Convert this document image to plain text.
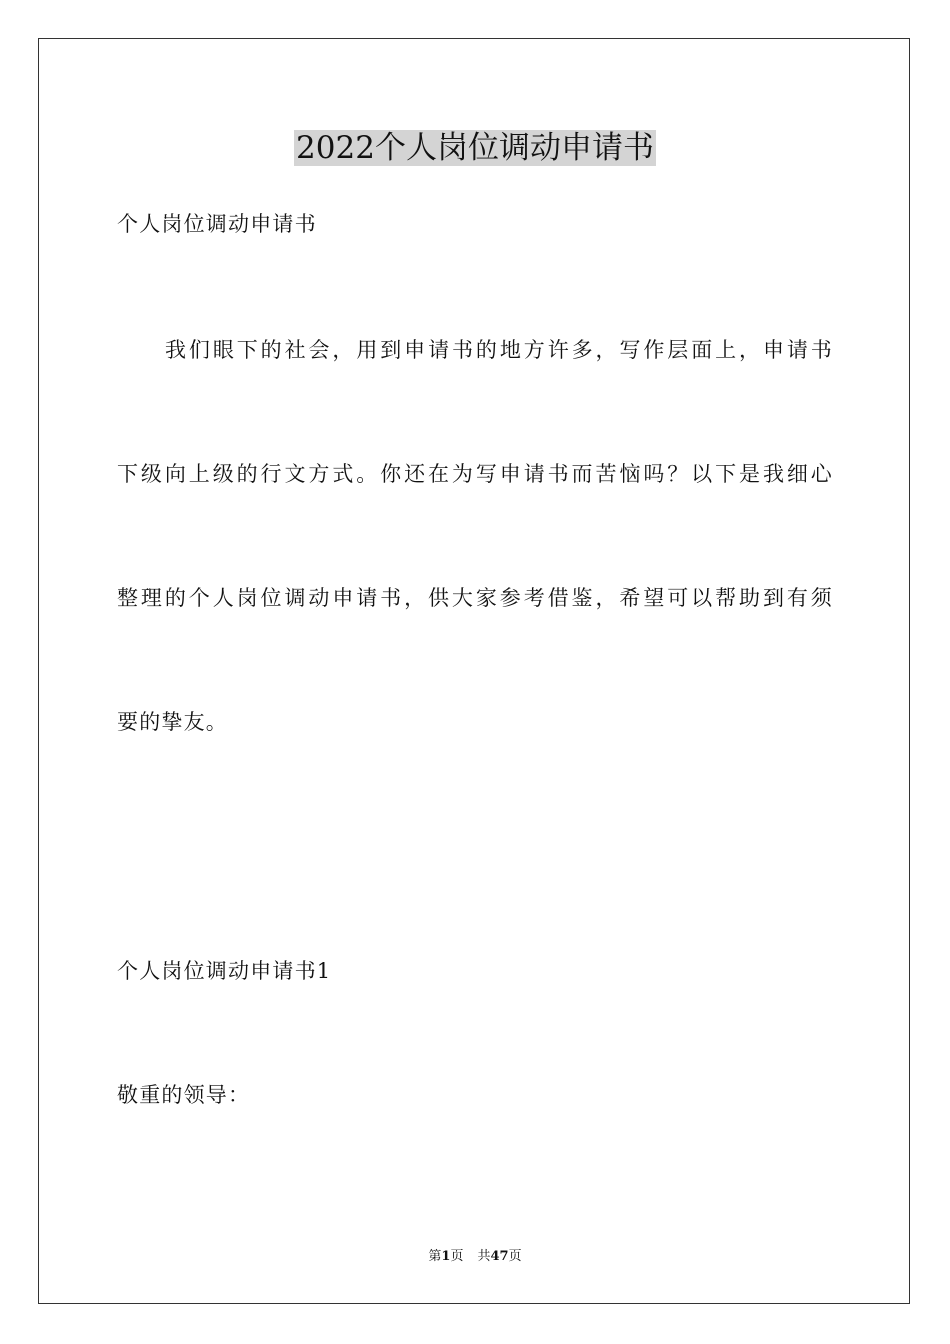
2022个人岗位调动申请书

个人岗位调动申请书

我们眼下的社会，用到申请书的地方许多，写作层面上，申请书

下级向上级的行文方式。你还在为写申请书而苦恼吗？以下是我细心

整理的个人岗位调动申请书，供大家参考借鉴，希望可以帮助到有须

要的挚友。

个人岗位调动申请书1

敬重的领导：

第1页 共47页
